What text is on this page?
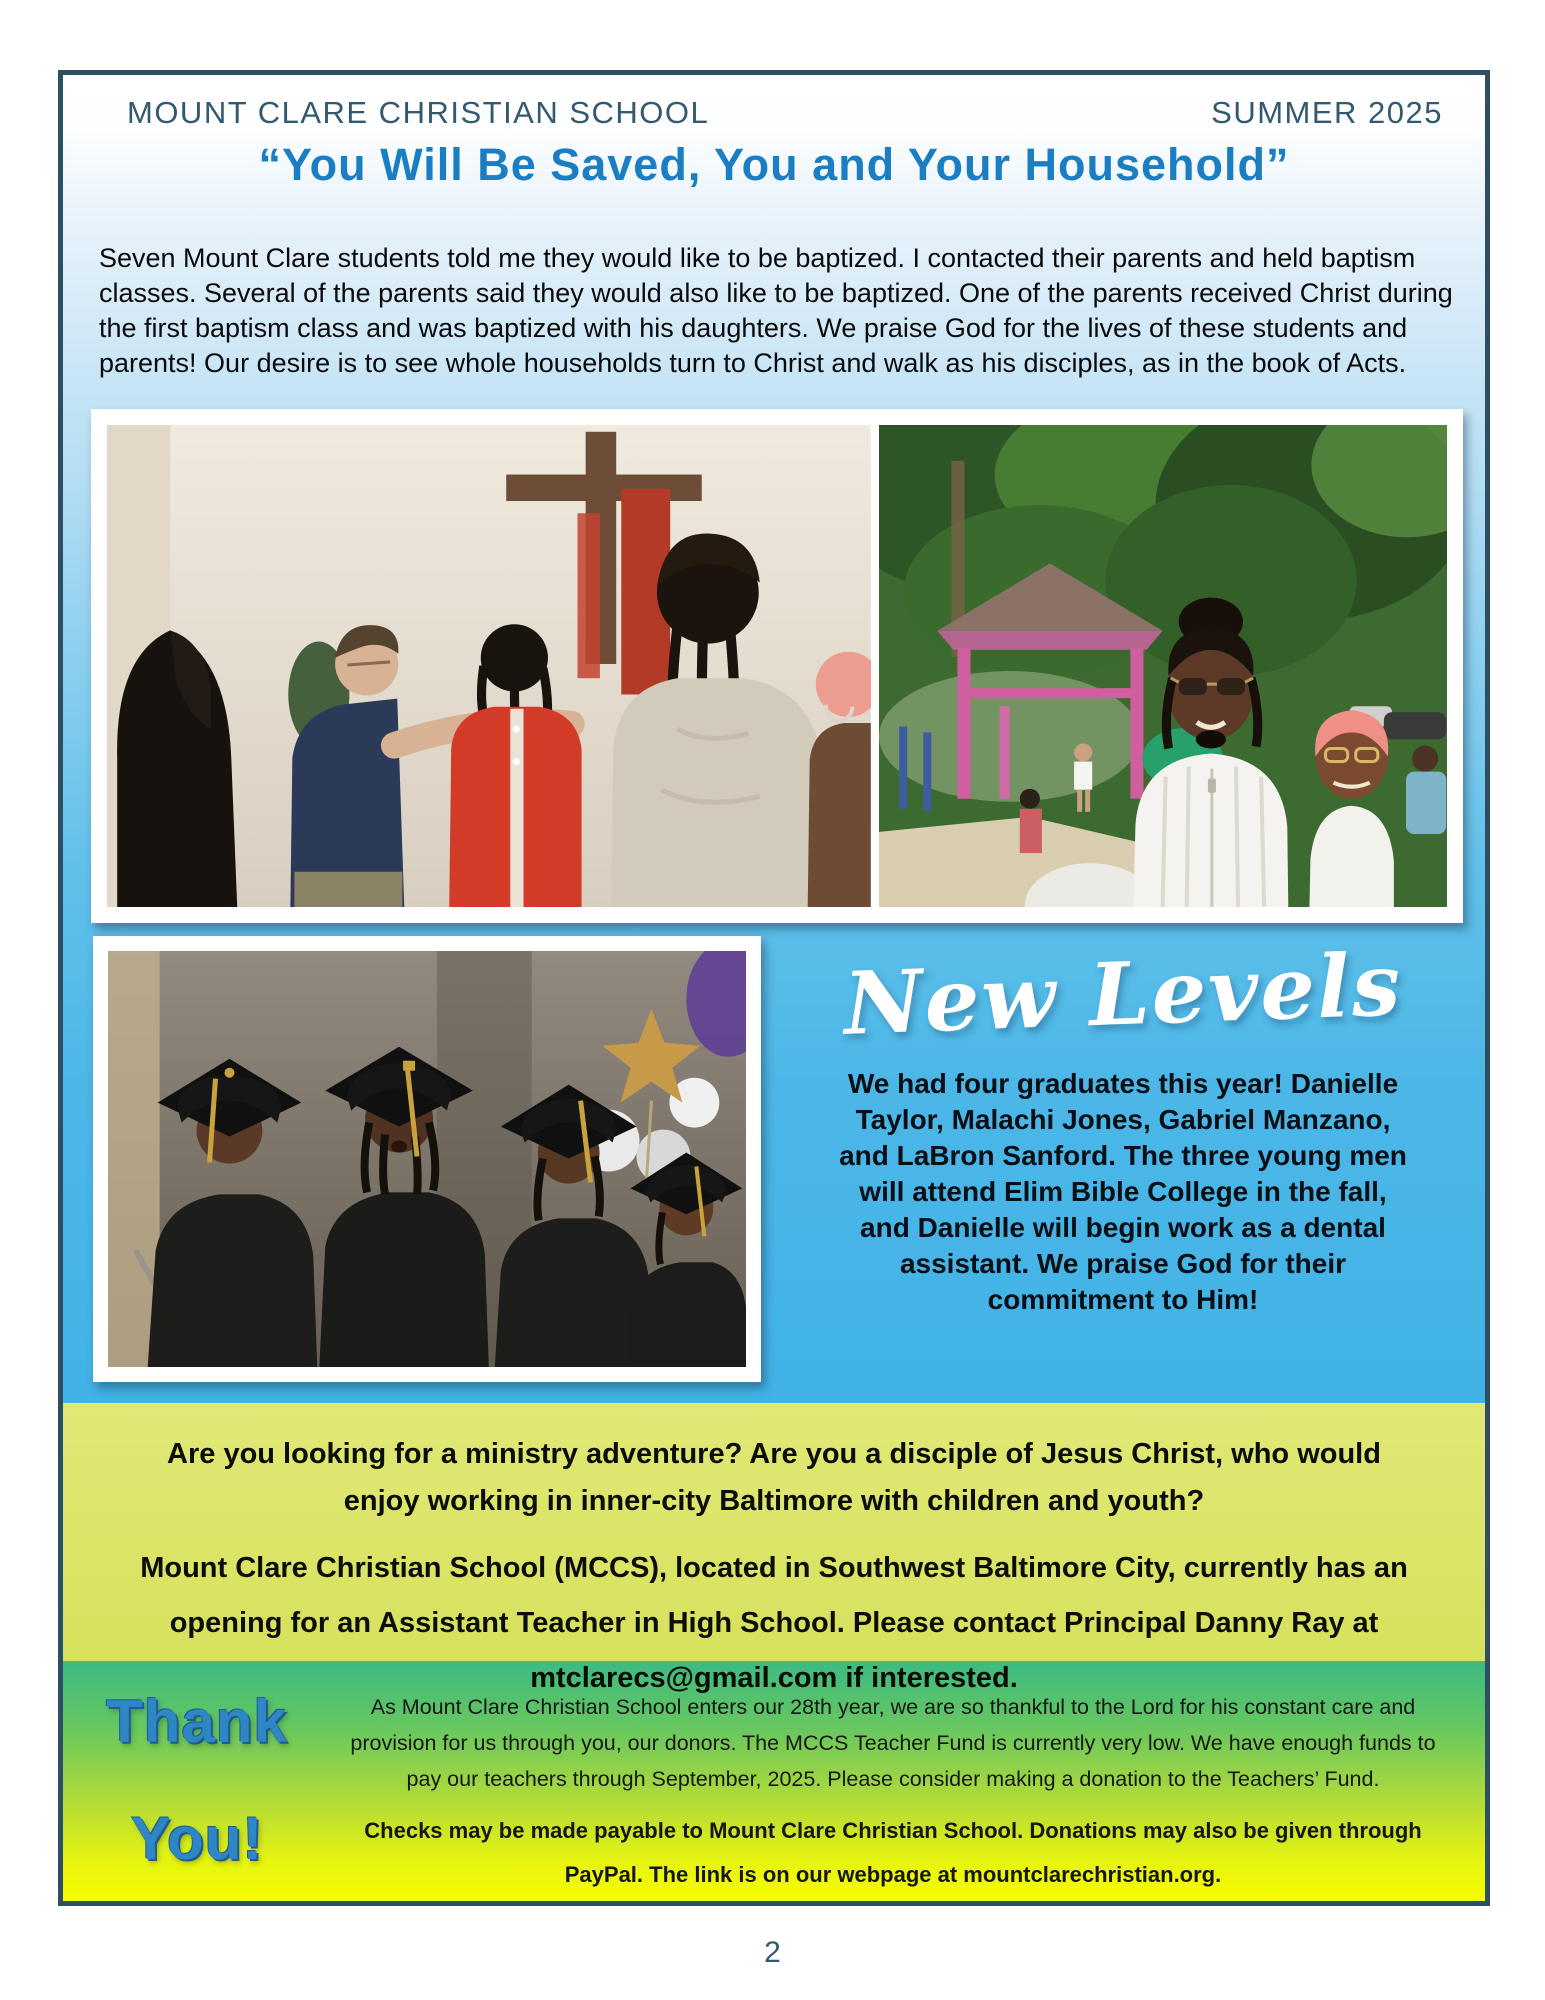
MOUNT CLARE CHRISTIAN SCHOOL	SUMMER 2025
“You Will Be Saved, You and Your Household”
Seven Mount Clare students told me they would like to be baptized. I contacted their parents and held baptism classes. Several of the parents said they would also like to be baptized. One of the parents received Christ during the first baptism class and was baptized with his daughters. We praise God for the lives of these students and parents! Our desire is to see whole households turn to Christ and walk as his disciples, as in the book of Acts.
New Levels
We had four graduates this year! Danielle Taylor, Malachi Jones, Gabriel Manzano, and LaBron Sanford. The three young men will attend Elim Bible College in the fall, and Danielle will begin work as a dental assistant. We praise God for their commitment to Him!
Are you looking for a ministry adventure? Are you a disciple of Jesus Christ, who would enjoy working in inner-city Baltimore with children and youth?
Mount Clare Christian School (MCCS), located in Southwest Baltimore City, currently has an opening for an Assistant Teacher in High School. Please contact Principal Danny Ray at mtclarecs@gmail.com if interested.
Thank
You!
As Mount Clare Christian School enters our 28th year, we are so thankful to the Lord for his constant care and provision for us through you, our donors. The MCCS Teacher Fund is currently very low. We have enough funds to pay our teachers through September, 2025. Please consider making a donation to the Teachers’ Fund.
Checks may be made payable to Mount Clare Christian School. Donations may also be given through PayPal. The link is on our webpage at mountclarechristian.org.
2
